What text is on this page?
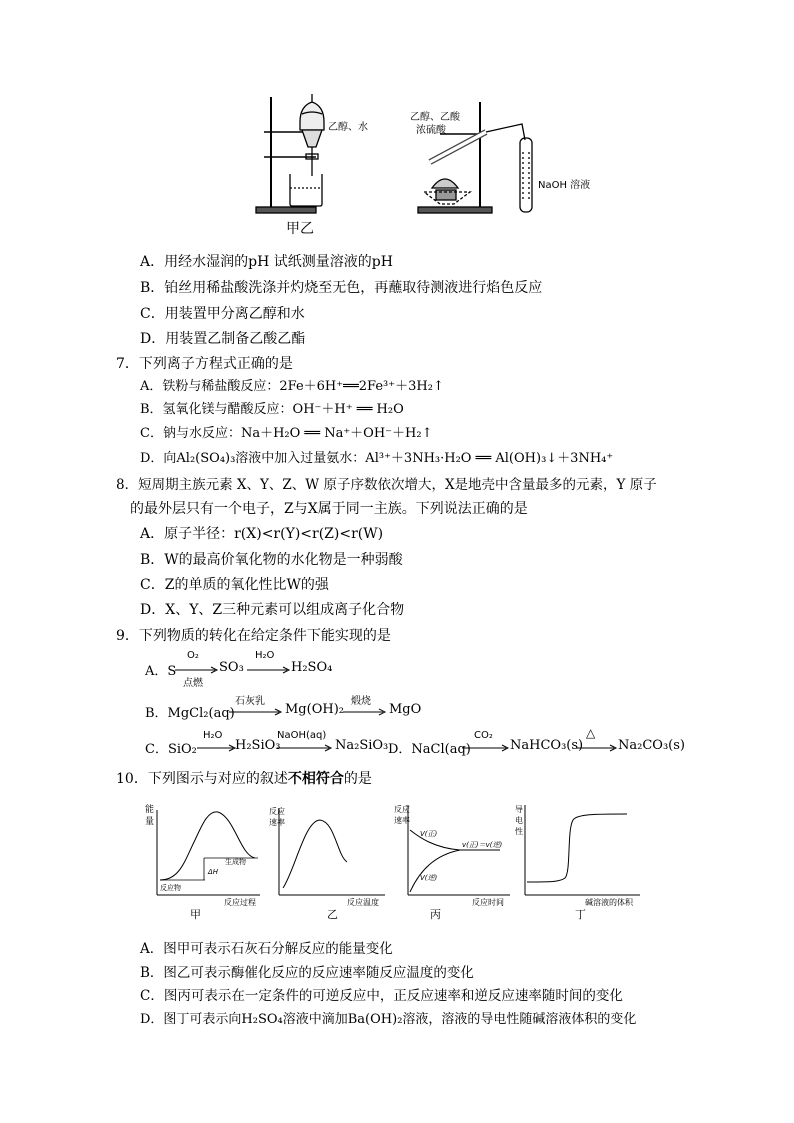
乙醇、水
乙醇、乙酸
浓硫酸
NaOH 溶液
甲乙
A．用经水湿润的pH 试纸测量溶液的pH
B．铂丝用稀盐酸洗涤并灼烧至无色，再蘸取待测液进行焰色反应
C．用装置甲分离乙醇和水
D．用装置乙制备乙酸乙酯
7．下列离子方程式正确的是
A．铁粉与稀盐酸反应：2Fe＋6H⁺══2Fe³⁺＋3H₂↑
B．氢氧化镁与醋酸反应：OH⁻＋H⁺ ══ H₂O
C．钠与水反应：Na＋H₂O ══ Na⁺＋OH⁻＋H₂↑
D．向Al₂(SO₄)₃溶液中加入过量氨水：Al³⁺＋3NH₃·H₂O ══ Al(OH)₃↓＋3NH₄⁺
8．短周期主族元素 X、Y、Z、W 原子序数依次增大，X是地壳中含量最多的元素，Y 原子
的最外层只有一个电子，Z与X属于同一主族。下列说法正确的是
A．原子半径：r(X)<r(Y)<r(Z)<r(W)
B．W的最高价氧化物的水化物是一种弱酸
C．Z的单质的氧化性比W的强
D．X、Y、Z三种元素可以组成离子化合物
9．下列物质的转化在给定条件下能实现的是
A．S
O₂
点燃
SO₃
H₂O
H₂SO₄
B．MgCl₂(aq)
石灰乳
Mg(OH)₂
煅烧
MgO
C．SiO₂
H₂O
H₂SiO₃
NaOH(aq)
Na₂SiO₃ D．NaCl(aq)
CO₂
NaHCO₃(s)
△
Na₂CO₃(s)
10．下列图示与对应的叙述不相符合的是
能
量
ΔH
生成物
反应物
反应过程
甲
反应
速率
反应温度
乙
反应
速率
V(正)
V(逆)
v(正)＝v(逆)
反应时间
丙
导
电
性
碱溶液的体积
丁
A．图甲可表示石灰石分解反应的能量变化
B．图乙可表示酶催化反应的反应速率随反应温度的变化
C．图丙可表示在一定条件的可逆反应中，正反应速率和逆反应速率随时间的变化
D．图丁可表示向H₂SO₄溶液中滴加Ba(OH)₂溶液，溶液的导电性随碱溶液体积的变化
